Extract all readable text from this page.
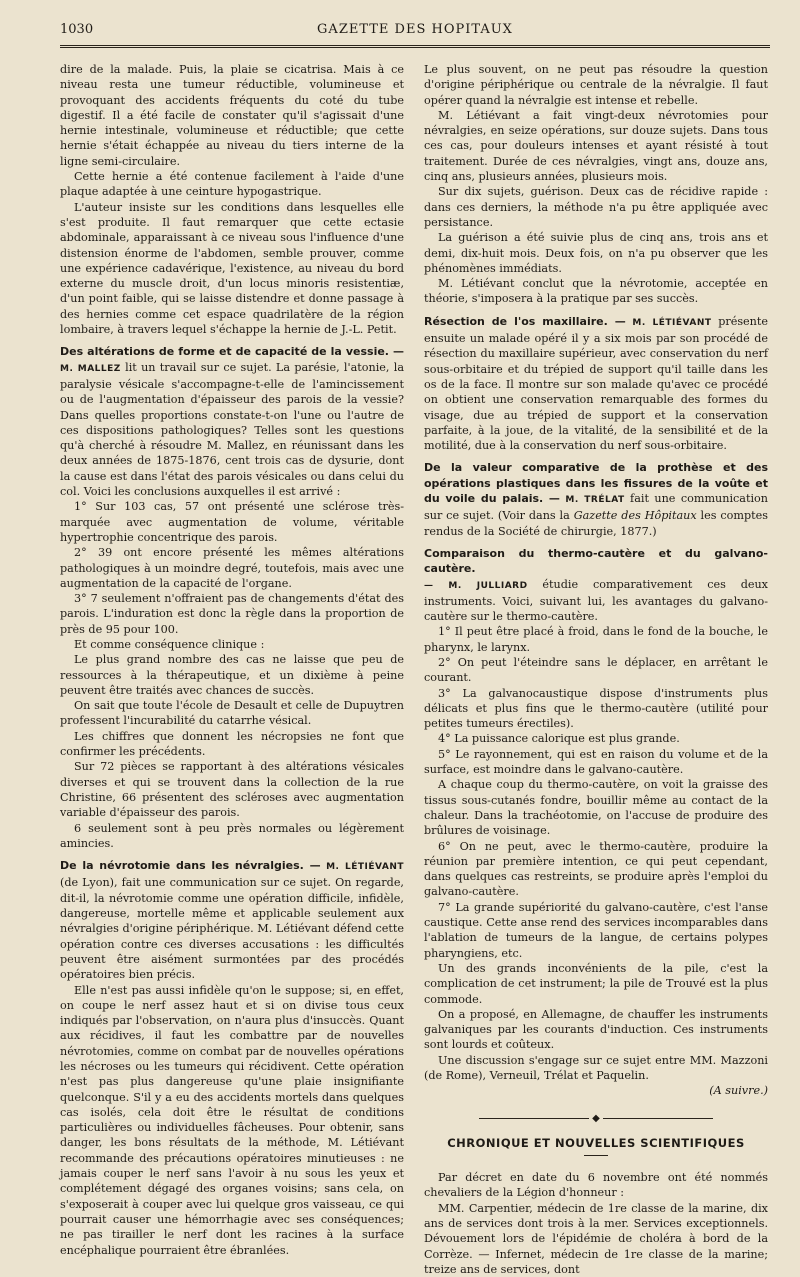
1030	GAZETTE DES HOPITAUX

dire de la malade. Puis, la plaie se cicatrisa. Mais à ce niveau resta une tumeur réductible, volumineuse et provoquant des accidents fréquents du coté du tube digestif. Il a été facile de constater qu'il s'agissait d'une hernie intestinale, volumineuse et réductible; que cette hernie s'était échappée au niveau du tiers interne de la ligne semi-circulaire.

Cette hernie a été contenue facilement à l'aide d'une plaque adaptée à une ceinture hypogastrique.

L'auteur insiste sur les conditions dans lesquelles elle s'est produite. Il faut remarquer que cette ectasie abdominale, apparaissant à ce niveau sous l'influence d'une distension énorme de l'abdomen, semble prouver, comme une expérience cadavérique, l'existence, au niveau du bord externe du muscle droit, d'un locus minoris resistentiæ, d'un point faible, qui se laisse distendre et donne passage à des hernies comme cet espace quadrilatère de la région lombaire, à travers lequel s'échappe la hernie de J.-L. Petit.

Des altérations de forme et de capacité de la vessie. — M. MALLEZ lit un travail sur ce sujet. La parésie, l'atonie, la paralysie vésicale s'accompagne-t-elle de l'amincissement ou de l'augmentation d'épaisseur des parois de la vessie? Dans quelles proportions constate-t-on l'une ou l'autre de ces dispositions pathologiques? Telles sont les questions qu'à cherché à résoudre M. Mallez, en réunissant dans les deux années de 1875-1876, cent trois cas de dysurie, dont la cause est dans l'état des parois vésicales ou dans celui du col. Voici les conclusions auxquelles il est arrivé :

1° Sur 103 cas, 57 ont présenté une sclérose très-marquée avec augmentation de volume, véritable hypertrophie concentrique des parois.

2° 39 ont encore présenté les mêmes altérations pathologiques à un moindre degré, toutefois, mais avec une augmentation de la capacité de l'organe.

3° 7 seulement n'offraient pas de changements d'état des parois. L'induration est donc la règle dans la proportion de près de 95 pour 100.

Et comme conséquence clinique :

Le plus grand nombre des cas ne laisse que peu de ressources à la thérapeutique, et un dixième à peine peuvent être traités avec chances de succès.

On sait que toute l'école de Desault et celle de Dupuytren professent l'incurabilité du catarrhe vésical.

Les chiffres que donnent les nécropsies ne font que confirmer les précédents.

Sur 72 pièces se rapportant à des altérations vésicales diverses et qui se trouvent dans la collection de la rue Christine, 66 présentent des scléroses avec augmentation variable d'épaisseur des parois.

6 seulement sont à peu près normales ou légèrement amincies.

De la névrotomie dans les névralgies. — M. LÉTIÉVANT (de Lyon), fait une communication sur ce sujet. On regarde, dit-il, la névrotomie comme une opération difficile, infidèle, dangereuse, mortelle même et applicable seulement aux névralgies d'origine périphérique. M. Létiévant défend cette opération contre ces diverses accusations : les difficultés peuvent être aisément surmontées par des procédés opératoires bien précis.

Elle n'est pas aussi infidèle qu'on le suppose; si, en effet, on coupe le nerf assez haut et si on divise tous ceux indiqués par l'observation, on n'aura plus d'insuccès. Quant aux récidives, il faut les combattre par de nouvelles névrotomies, comme on combat par de nouvelles opérations les nécroses ou les tumeurs qui récidivent. Cette opération n'est pas plus dangereuse qu'une plaie insignifiante quelconque. S'il y a eu des accidents mortels dans quelques cas isolés, cela doit être le résultat de conditions particulières ou individuelles fâcheuses. Pour obtenir, sans danger, les bons résultats de la méthode, M. Létiévant recommande des précautions opératoires minutieuses : ne jamais couper le nerf sans l'avoir à nu sous les yeux et complétement dégagé des organes voisins; sans cela, on s'exposerait à couper avec lui quelque gros vaisseau, ce qui pourrait causer une hémorrhagie avec ses conséquences; ne pas tirailler le nerf dont les racines à la surface encéphalique pourraient être ébranlées.

Le plus souvent, on ne peut pas résoudre la question d'origine périphérique ou centrale de la névralgie. Il faut opérer quand la névralgie est intense et rebelle.

M. Létiévant a fait vingt-deux névrotomies pour névralgies, en seize opérations, sur douze sujets. Dans tous ces cas, pour douleurs intenses et ayant résisté à tout traitement. Durée de ces névralgies, vingt ans, douze ans, cinq ans, plusieurs années, plusieurs mois.

Sur dix sujets, guérison. Deux cas de récidive rapide : dans ces derniers, la méthode n'a pu être appliquée avec persistance.

La guérison a été suivie plus de cinq ans, trois ans et demi, dix-huit mois. Deux fois, on n'a pu observer que les phénomènes immédiats.

M. Létiévant conclut que la névrotomie, acceptée en théorie, s'imposera à la pratique par ses succès.

Résection de l'os maxillaire. — M. LÉTIÉVANT présente ensuite un malade opéré il y a six mois par son procédé de résection du maxillaire supérieur, avec conservation du nerf sous-orbitaire et du trépied de support qu'il taille dans les os de la face. Il montre sur son malade qu'avec ce procédé on obtient une conservation remarquable des formes du visage, due au trépied de support et la conservation parfaite, à la joue, de la vitalité, de la sensibilité et de la motilité, due à la conservation du nerf sous-orbitaire.

De la valeur comparative de la prothèse et des opérations plastiques dans les fissures de la voûte et du voile du palais. — M. TRÉLAT fait une communication sur ce sujet. (Voir dans la Gazette des Hôpitaux les comptes rendus de la Société de chirurgie, 1877.)

Comparaison du thermo-cautère et du galvano-cautère.
— M. JULLIARD étudie comparativement ces deux instruments. Voici, suivant lui, les avantages du galvano-cautère sur le thermo-cautère.

1° Il peut être placé à froid, dans le fond de la bouche, le pharynx, le larynx.

2° On peut l'éteindre sans le déplacer, en arrêtant le courant.

3° La galvanocaustique dispose d'instruments plus délicats et plus fins que le thermo-cautère (utilité pour petites tumeurs érectiles).

4° La puissance calorique est plus grande.

5° Le rayonnement, qui est en raison du volume et de la surface, est moindre dans le galvano-cautère.

A chaque coup du thermo-cautère, on voit la graisse des tissus sous-cutanés fondre, bouillir même au contact de la chaleur. Dans la trachéotomie, on l'accuse de produire des brûlures de voisinage.

6° On ne peut, avec le thermo-cautère, produire la réunion par première intention, ce qui peut cependant, dans quelques cas restreints, se produire après l'emploi du galvano-cautère.

7° La grande supériorité du galvano-cautère, c'est l'anse caustique. Cette anse rend des services incomparables dans l'ablation de tumeurs de la langue, de certains polypes pharyngiens, etc.

Un des grands inconvénients de la pile, c'est la complication de cet instrument; la pile de Trouvé est la plus commode.

On a proposé, en Allemagne, de chauffer les instruments galvaniques par les courants d'induction. Ces instruments sont lourds et coûteux.

Une discussion s'engage sur ce sujet entre MM. Mazzoni (de Rome), Verneuil, Trélat et Paquelin.

(A suivre.)

◆
CHRONIQUE ET NOUVELLES SCIENTIFIQUES

Par décret en date du 6 novembre ont été nommés chevaliers de la Légion d'honneur :

MM. Carpentier, médecin de 1re classe de la marine, dix ans de services dont trois à la mer. Services exceptionnels. Dévouement lors de l'épidémie de choléra à bord de la Corrèze. — Infernet, médecin de 1re classe de la marine; treize ans de services, dont
